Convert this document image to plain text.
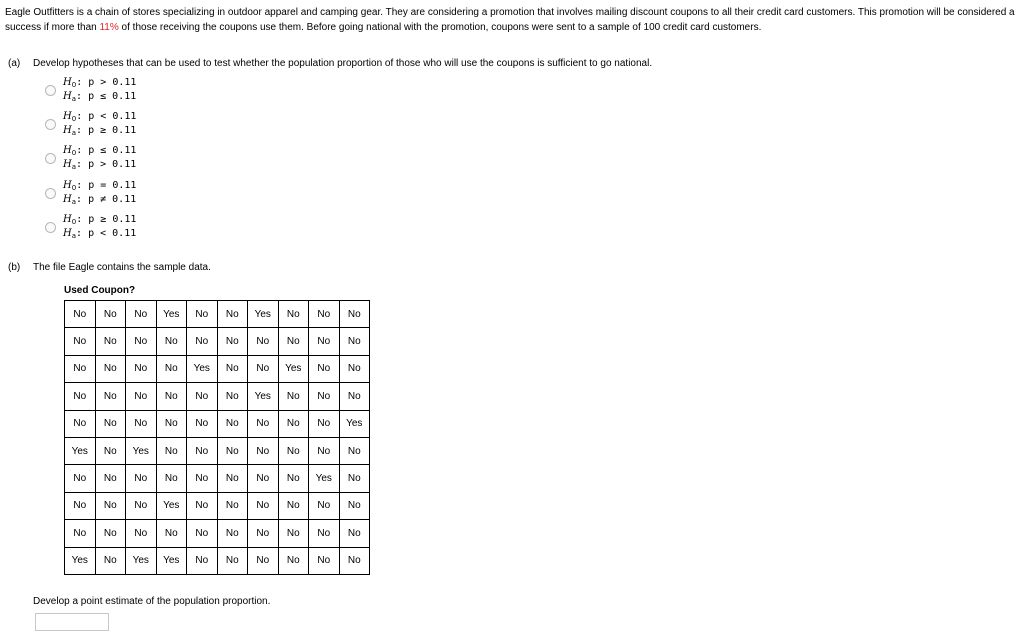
Eagle Outfitters is a chain of stores specializing in outdoor apparel and camping gear. They are considering a promotion that involves mailing discount coupons to all their credit card customers. This promotion will be considered a success if more than 11% of those receiving the coupons use them. Before going national with the promotion, coupons were sent to a sample of 100 credit card customers.
(a) Develop hypotheses that can be used to test whether the population proportion of those who will use the coupons is sufficient to go national.
$H_0$: p > 0.11
$H_a$: p ≤ 0.11
$H_0$: p < 0.11
$H_a$: p ≥ 0.11
$H_0$: p ≤ 0.11
$H_a$: p > 0.11
$H_0$: p = 0.11
$H_a$: p ≠ 0.11
$H_0$: p ≥ 0.11
$H_a$: p < 0.11
(b) The file Eagle contains the sample data.
Used Coupon?
No	No	No	Yes	No	No	Yes	No	No	No
No	No	No	No	No	No	No	No	No	No
No	No	No	No	Yes	No	No	Yes	No	No
No	No	No	No	No	No	Yes	No	No	No
No	No	No	No	No	No	No	No	No	Yes
Yes	No	Yes	No	No	No	No	No	No	No
No	No	No	No	No	No	No	No	Yes	No
No	No	No	Yes	No	No	No	No	No	No
No	No	No	No	No	No	No	No	No	No
Yes	No	Yes	Yes	No	No	No	No	No	No
Develop a point estimate of the population proportion.
